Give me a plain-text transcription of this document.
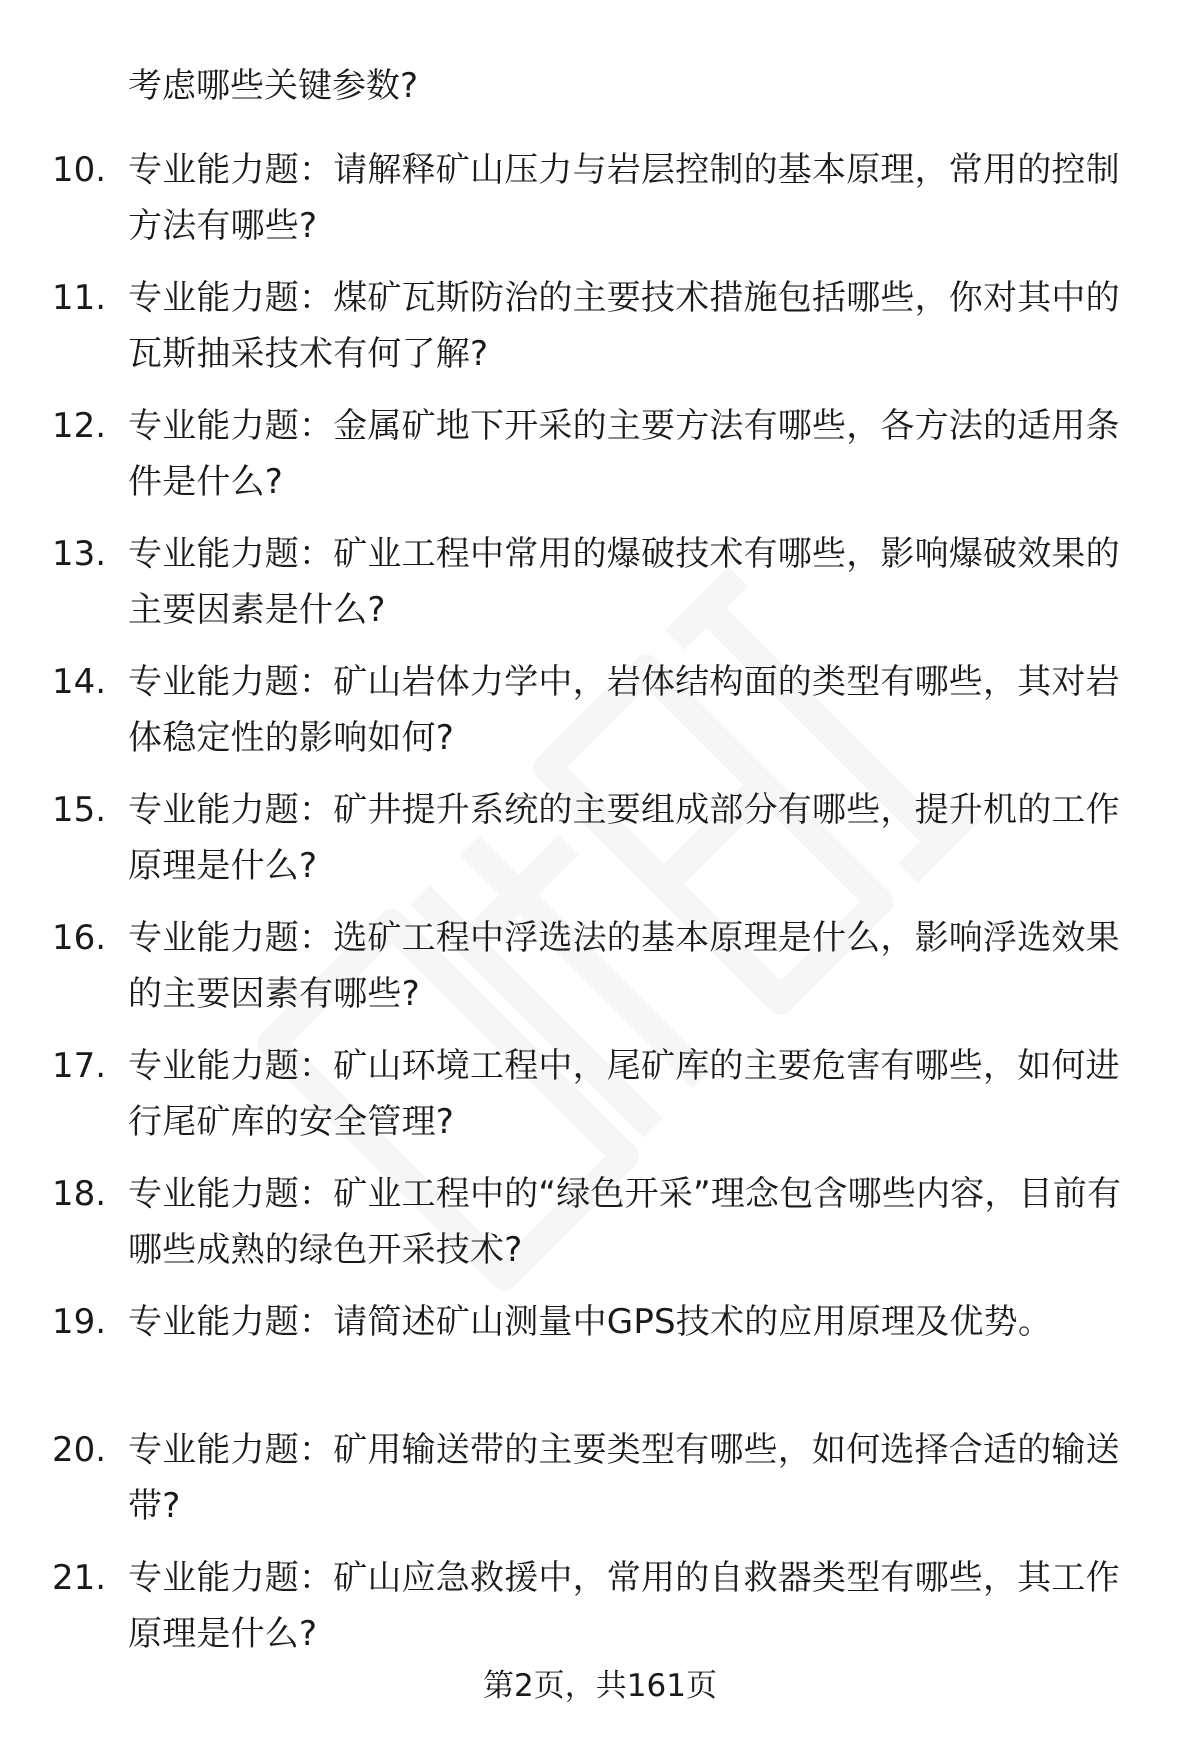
考虑哪些关键参数?
10. 专业能力题：请解释矿山压力与岩层控制的基本原理，常用的控制方法有哪些?
11. 专业能力题：煤矿瓦斯防治的主要技术措施包括哪些，你对其中的瓦斯抽采技术有何了解?
12. 专业能力题：金属矿地下开采的主要方法有哪些，各方法的适用条件是什么?
13. 专业能力题：矿业工程中常用的爆破技术有哪些，影响爆破效果的主要因素是什么?
14. 专业能力题：矿山岩体力学中，岩体结构面的类型有哪些，其对岩体稳定性的影响如何?
15. 专业能力题：矿井提升系统的主要组成部分有哪些，提升机的工作原理是什么?
16. 专业能力题：选矿工程中浮选法的基本原理是什么，影响浮选效果的主要因素有哪些?
17. 专业能力题：矿山环境工程中，尾矿库的主要危害有哪些，如何进行尾矿库的安全管理?
18. 专业能力题：矿业工程中的“绿色开采”理念包含哪些内容，目前有哪些成熟的绿色开采技术?
19. 专业能力题：请简述矿山测量中GPS技术的应用原理及优势。
20. 专业能力题：矿用输送带的主要类型有哪些，如何选择合适的输送带?
21. 专业能力题：矿山应急救援中，常用的自救器类型有哪些，其工作原理是什么?
第2页，共161页
